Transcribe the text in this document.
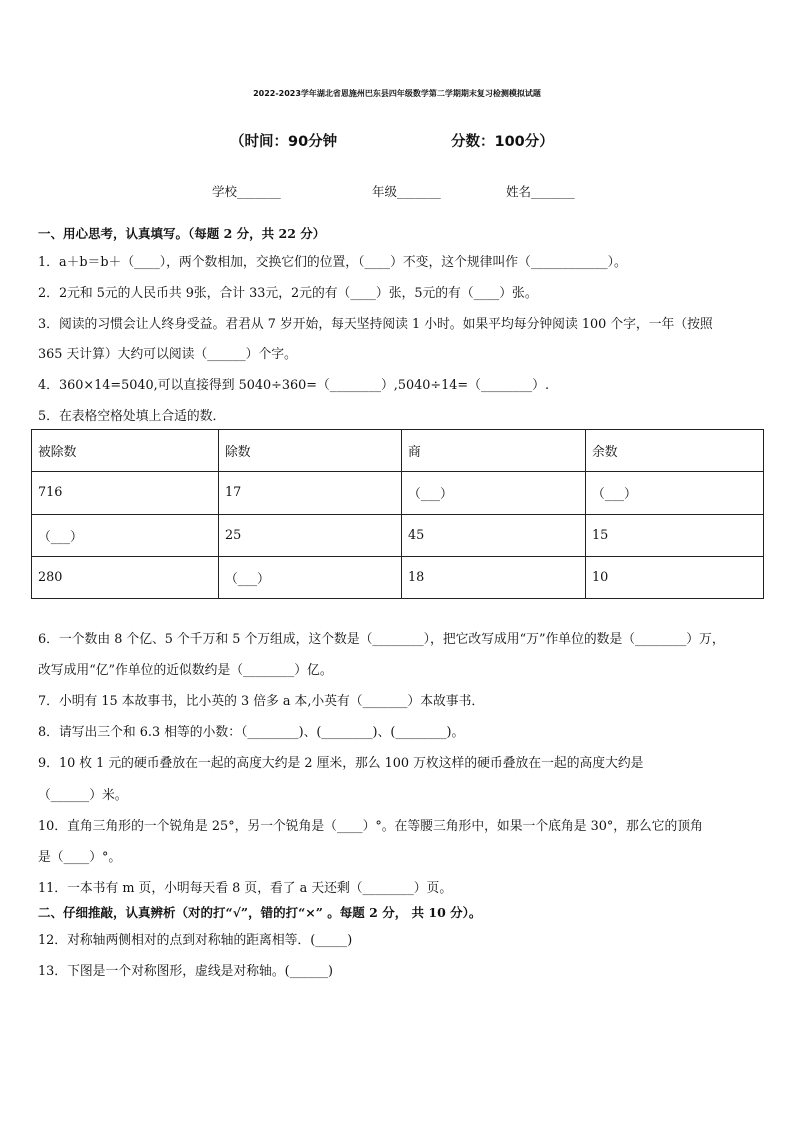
2022-2023学年湖北省恩施州巴东县四年级数学第二学期期末复习检测模拟试题
（时间：90分钟	分数：100分）
学校_______	年级_______	姓名_______
一、用心思考，认真填写。（每题 2 分，共 22 分）
1．a＋b＝b＋（____），两个数相加，交换它们的位置，（____）不变，这个规律叫作（____________）。
2．2元和 5元的人民币共 9张，合计 33元，2元的有（____）张，5元的有（____）张。
3．阅读的习惯会让人终身受益。君君从 7 岁开始，每天坚持阅读 1 小时。如果平均每分钟阅读 100 个字，一年（按照
365 天计算）大约可以阅读（______）个字。
4．360×14=5040,可以直接得到 5040÷360=（________）,5040÷14=（________）.
5．在表格空格处填上合适的数．
被除数	除数	商	余数
716	17	（___）	（___）
（___）	25	45	15
280	（___）	18	10
6．一个数由 8 个亿、5 个千万和 5 个万组成，这个数是（________），把它改写成用“万”作单位的数是（________）万，
改写成用“亿”作单位的近似数约是（________）亿。
7．小明有 15 本故事书，比小英的 3 倍多 a 本,小英有（_______）本故事书．
8．请写出三个和 6.3 相等的小数：（________)、(________)、(________)。
9．10 枚 1 元的硬币叠放在一起的高度大约是 2 厘米，那么 100 万枚这样的硬币叠放在一起的高度大约是
（______）米。
10．直角三角形的一个锐角是 25°，另一个锐角是（____）°。在等腰三角形中，如果一个底角是 30°，那么它的顶角
是（____）°。
11．一本书有 m 页，小明每天看 8 页，看了 a 天还剩（________）页。
二、仔细推敲，认真辨析（对的打“√”，错的打“×” 。每题 2 分， 共 10 分）。
12．对称轴两侧相对的点到对称轴的距离相等．(_____)
13．下图是一个对称图形，虚线是对称轴。(______)
